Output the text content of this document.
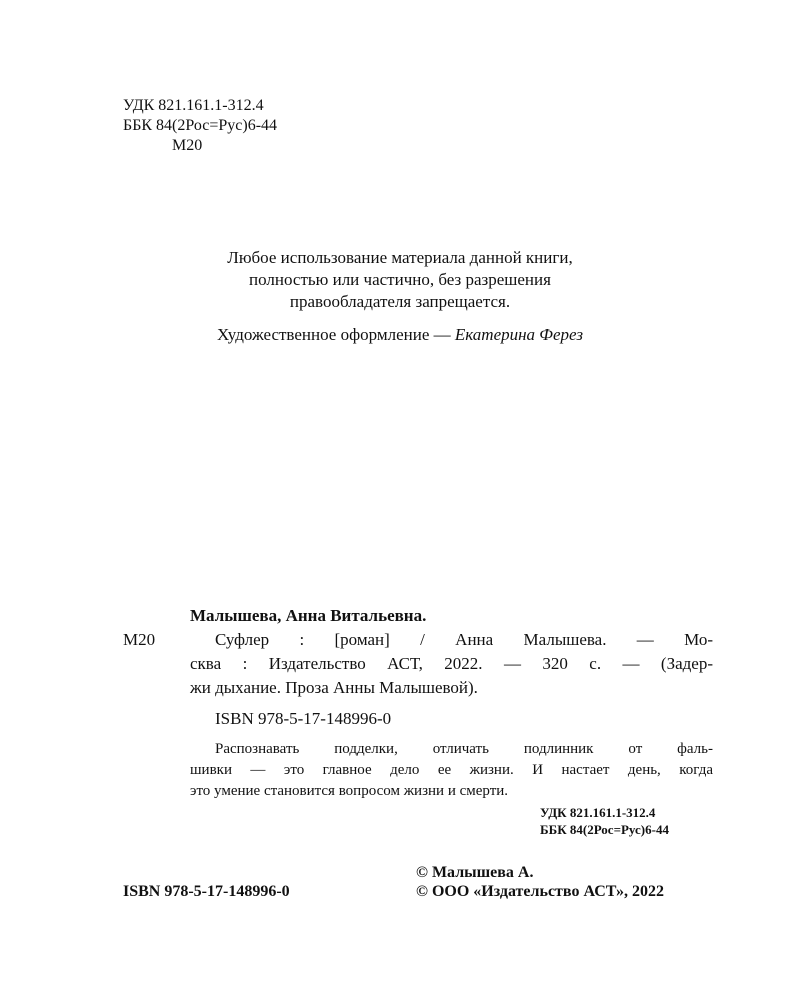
УДК 821.161.1-312.4
ББК 84(2Рос=Рус)6-44
М20
Любое использование материала данной книги,
полностью или частично, без разрешения
правообладателя запрещается.
Художественное оформление — Екатерина Ферез
Малышева, Анна Витальевна.
М20	Суфлер : [роман] / Анна Малышева. — Мо-
сква : Издательство АСТ, 2022. — 320 с. — (Задер-
жи дыхание. Проза Анны Малышевой).
ISBN 978-5-17-148996-0
Распознавать подделки, отличать подлинник от фаль-
шивки — это главное дело ее жизни. И настает день, когда
это умение становится вопросом жизни и смерти.
УДК 821.161.1-312.4
ББК 84(2Рос=Рус)6-44
ISBN 978-5-17-148996-0
© Малышева А.
© ООО «Издательство АСТ», 2022
